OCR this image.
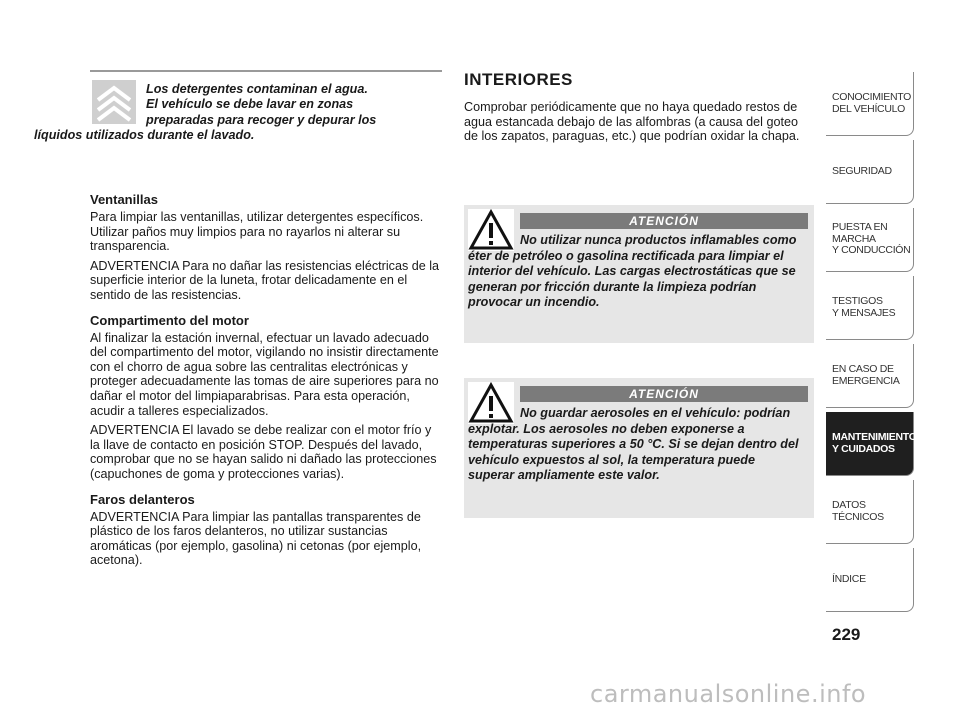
Los detergentes contaminan el agua.
El vehículo se debe lavar en zonas
preparadas para recoger y depurar los
líquidos utilizados durante el lavado.

Ventanillas

Para limpiar las ventanillas, utilizar detergentes específicos. Utilizar paños muy limpios para no rayarlos ni alterar su transparencia.

ADVERTENCIA Para no dañar las resistencias eléctricas de la superficie interior de la luneta, frotar delicadamente en el sentido de las resistencias.

Compartimento del motor

Al finalizar la estación invernal, efectuar un lavado adecuado del compartimento del motor, vigilando no insistir directamente con el chorro de agua sobre las centralitas electrónicas y proteger adecuadamente las tomas de aire superiores para no dañar el motor del limpiaparabrisas. Para esta operación, acudir a talleres especializados.

ADVERTENCIA El lavado se debe realizar con el motor frío y la llave de contacto en posición STOP. Después del lavado, comprobar que no se hayan salido ni dañado las protecciones (capuchones de goma y protecciones varias).

Faros delanteros

ADVERTENCIA Para limpiar las pantallas transparentes de plástico de los faros delanteros, no utilizar sustancias aromáticas (por ejemplo, gasolina) ni cetonas (por ejemplo, acetona).

INTERIORES

Comprobar periódicamente que no haya quedado restos de agua estancada debajo de las alfombras (a causa del goteo de los zapatos, paraguas, etc.) que podrían oxidar la chapa.

ATENCIÓN

No utilizar nunca productos inflamables como éter de petróleo o gasolina rectificada para limpiar el interior del vehículo. Las cargas electrostáticas que se generan por fricción durante la limpieza podrían provocar un incendio.

ATENCIÓN

No guardar aerosoles en el vehículo: podrían explotar. Los aerosoles no deben exponerse a temperaturas superiores a 50 °C. Si se dejan dentro del vehículo expuestos al sol, la temperatura puede superar ampliamente este valor.

CONOCIMIENTO
DEL VEHÍCULO
SEGURIDAD
PUESTA EN
MARCHA
Y CONDUCCIÓN
TESTIGOS
Y MENSAJES
EN CASO DE
EMERGENCIA
MANTENIMIENTO
Y CUIDADOS
DATOS
TÉCNICOS
ÍNDICE
229
carmanualsonline.info
